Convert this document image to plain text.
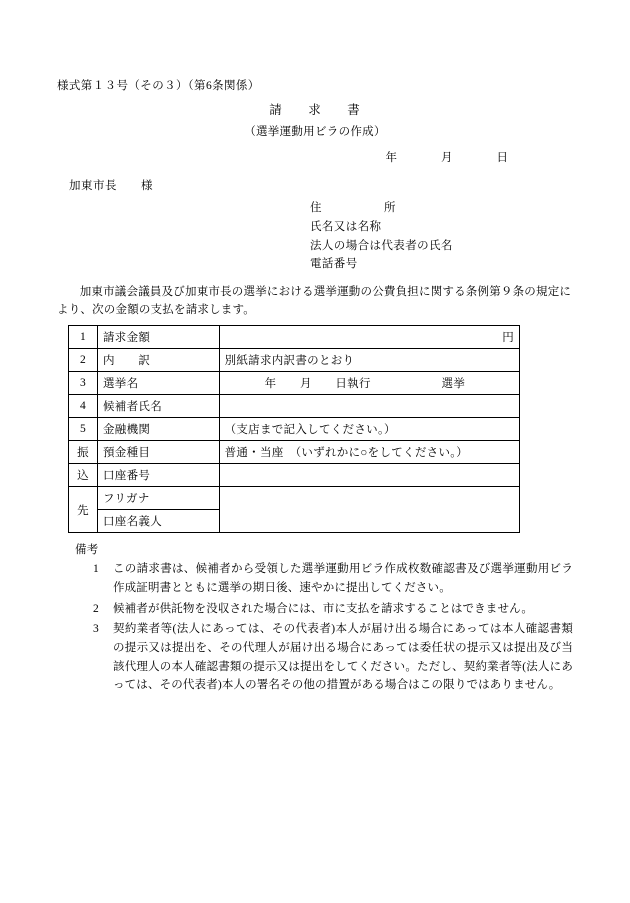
様式第１３号（その３）（第6条関係）
請　求　書
（選挙運動用ビラの作成）
年　　月　　日
加東市長　　様
住　　　所
氏名又は名称
法人の場合は代表者の氏名
電話番号
　加東市議会議員及び加東市長の選挙における選挙運動の公費負担に関する条例第９条の規定により、次の金額の支払を請求します。
1	請求金額	円
2	内　　訳	別紙請求内訳書のとおり
3	選挙名	年　　月　　日執行　　　　　　選挙
4	候補者氏名	
5	金融機関	（支店まで記入してください。）
振	預金種目	普通・当座　（いずれかに○をしてください。）
込	口座番号	
先	フリガナ	
	口座名義人	
備考
1 この請求書は、候補者から受領した選挙運動用ビラ作成枚数確認書及び選挙運動用ビラ作成証明書とともに選挙の期日後、速やかに提出してください。
2 候補者が供託物を没収された場合には、市に支払を請求することはできません。
3 契約業者等(法人にあっては、その代表者)本人が届け出る場合にあっては本人確認書類の提示又は提出を、その代理人が届け出る場合にあっては委任状の提示又は提出及び当該代理人の本人確認書類の提示又は提出をしてください。ただし、契約業者等(法人にあっては、その代表者)本人の署名その他の措置がある場合はこの限りではありません。
